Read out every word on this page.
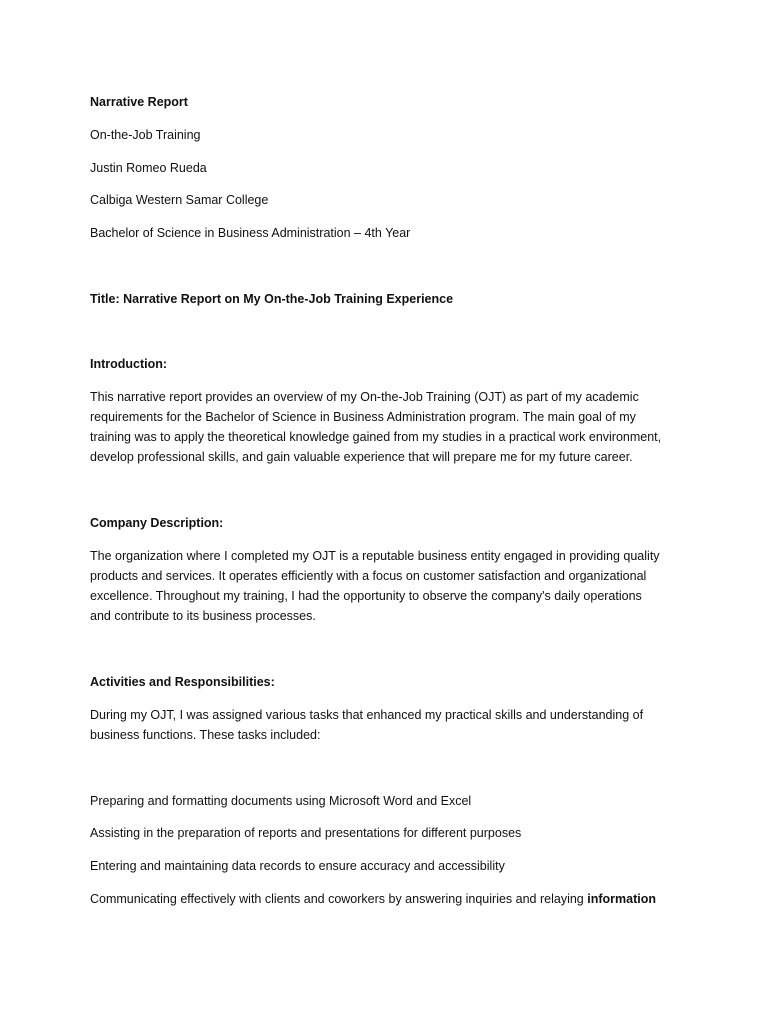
Narrative Report

On-the-Job Training

Justin Romeo Rueda

Calbiga Western Samar College

Bachelor of Science in Business Administration – 4th Year

Title: Narrative Report on My On-the-Job Training Experience

Introduction:

This narrative report provides an overview of my On-the-Job Training (OJT) as part of my academic
requirements for the Bachelor of Science in Business Administration program. The main goal of my
training was to apply the theoretical knowledge gained from my studies in a practical work environment,
develop professional skills, and gain valuable experience that will prepare me for my future career.

Company Description:

The organization where I completed my OJT is a reputable business entity engaged in providing quality
products and services. It operates efficiently with a focus on customer satisfaction and organizational
excellence. Throughout my training, I had the opportunity to observe the company's daily operations
and contribute to its business processes.

Activities and Responsibilities:

During my OJT, I was assigned various tasks that enhanced my practical skills and understanding of
business functions. These tasks included:

Preparing and formatting documents using Microsoft Word and Excel

Assisting in the preparation of reports and presentations for different purposes

Entering and maintaining data records to ensure accuracy and accessibility

Communicating effectively with clients and coworkers by answering inquiries and relaying information
